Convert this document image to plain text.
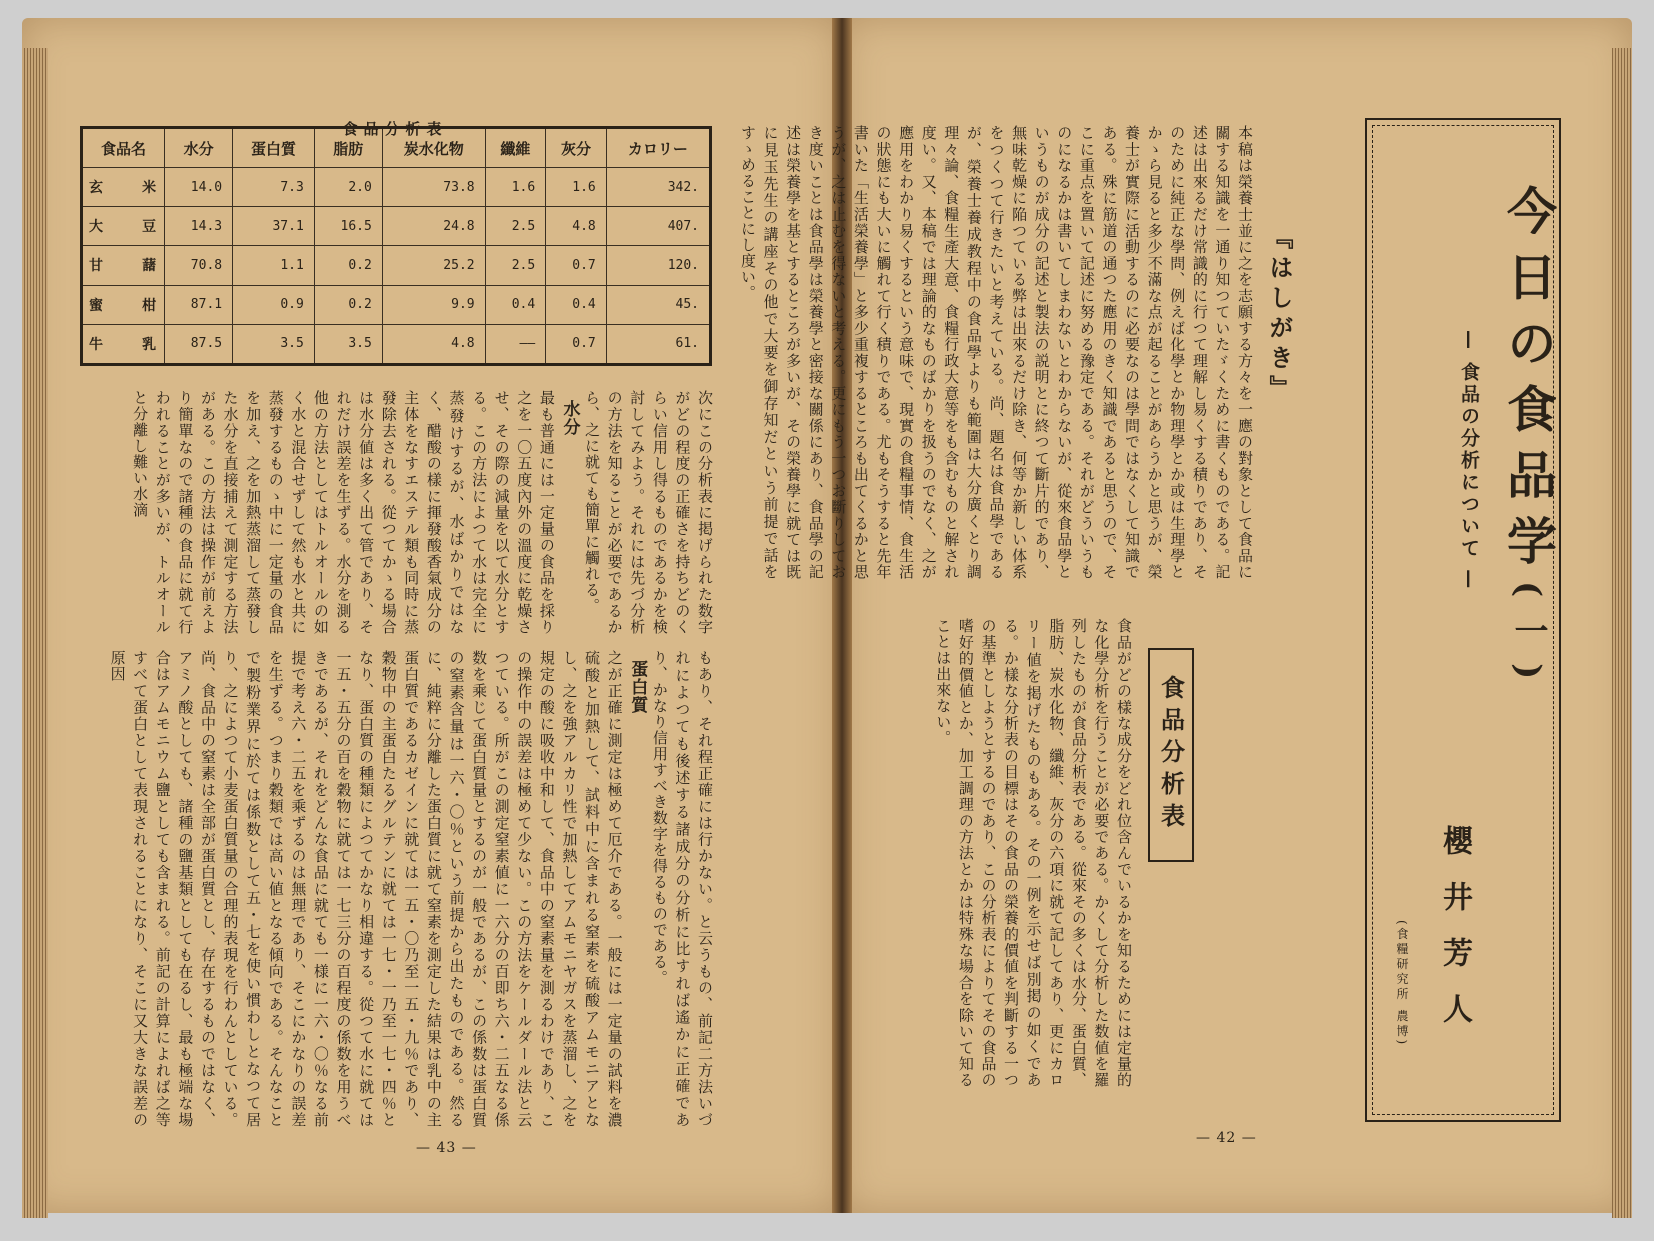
食品分析表
食品名	水分	蛋白質	脂肪	炭水化物	纖維	灰分	カロリー

玄 米	14.0	7.3	2.0	73.8	1.6	1.6	342.

大 豆	14.3	37.1	16.5	24.8	2.5	4.8	407.

甘 藷	70.8	1.1	0.2	25.2	2.5	0.7	120.

蜜 柑	87.1	0.9	0.2	9.9	0.4	0.4	45.

牛 乳	87.5	3.5	3.5	4.8	——	0.7	61.

次にこの分析表に掲げられた数字がどの程度の正確さを持ちどのくらい信用し得るものであるかを検討してみよう。それには先づ分析の方法を知ることが必要であるから、之に就ても簡單に觸れる。

水分

最も普通には一定量の食品を採り之を一〇五度內外の溫度に乾燥させ、その際の減量を以て水分とする。この方法によつて水は完全に蒸發けするが、水ばかりではなく、醋酸の樣に揮發酸香氣成分の主体をなすエステル類も同時に蒸發除去される。從つてかゝる場合は水分値は多く出て管であり、それだけ誤差を生ずる。水分を測る他の方法としてはトルオールの如く水と混合せずして然も水と共に蒸發するものゝ中に一定量の食品を加え、之を加熱蒸溜して蒸發した水分を直接捕えて測定する方法がある。この方法は操作が前えより簡單なので諸種の食品に就て行われることが多いが、トルオールと分離し難い水滴

もあり、それ程正確には行かない。と云うもの、前記二方法いづれによつても後述する諸成分の分析に比すれば遙かに正確であり、かなり信用すべき数字を得るものである。

蛋白質

之が正確に測定は極めて厄介である。一般には一定量の試料を濃硫酸と加熱して、試料中に含まれる窒素を硫酸アムモニアとなし、之を強アルカリ性で加熱してアムモニヤガスを蒸溜し、之を規定の酸に吸收中和して、食品中の窒素量を測るわけであり、この操作中の誤差は極めて少ない。この方法をケールダール法と云つている。所がこの測定窒素値に一六分の百即ち六・二五なる係数を乘じて蛋白質量とするのが一般であるが、この係数は蛋白質の窒素含量は一六・〇％という前提から出たものである。然るに、純粹に分離した蛋白質に就て窒素を測定した結果は乳中の主蛋白質であるカゼインに就ては一五・〇乃至一五・九％であり、穀物中の主蛋白たるグルテンに就ては一七・一乃至一七・四％となり、蛋白質の種類によつてかなり相違する。從つて水に就ては一五・五分の百を穀物に就ては一七三分の百程度の係数を用うべきであるが、それをどんな食品に就ても一様に一六・〇％なる前提で考え六・二五を乘ずるのは無理であり、そこにかなりの誤差を生ずる。つまり穀類では高い値となる傾向である。そんなことで製粉業界に於ては係数として五・七を使い慣わしとなつて居り、之によつて小麦蛋白質量の合理的表現を行わんとしている。尚、食品中の窒素は全部が蛋白質とし、存在するものではなく、アミノ酸としても、諸種の鹽基類としても在るし、最も極端な場合はアムモニウム鹽としても含まれる。前記の計算によれば之等すべて蛋白として表現されることになり、そこに又大きな誤差の原因

— 43 —
今日の食品学(一)
— 食品の分析について —
櫻井芳人
(食糧研究所 農博)
『はしがき』

本稿は榮養士並に之を志願する方々を一應の對象として食品に關する知識を一通り知つていたゞくために書くものである。記述は出來るだけ常識的に行つて理解し易くする積りであり、そのために純正な學問、例えば化學とか物理學とか或は生理學とかゝら見ると多少不滿な点が起ることがあらうかと思うが、榮養士が實際に活動するのに必要なのは學問ではなくして知識である。殊に筋道の通つた應用のきく知識であると思うので、そこに重点を置いて記述に努める豫定である。それがどういうものになるかは書いてしまわないとわからないが、從來食品學というものが成分の記述と製法の説明とに終つて斷片的であり、無味乾燥に陥つている弊は出來るだけ除き、何等か新しい体系をつくつて行きたいと考えている。尚、題名は食品學であるが、榮養士養成教程中の食品學よりも範圍は大分廣くとり調理々論、食糧生產大意、食糧行政大意等をも含むものと解され度い。又、本稿では理論的なものばかりを扱うのでなく、之が應用をわかり易くするという意味で、現實の食糧事情、食生活の狀態にも大いに觸れて行く積りである。尤もそうすると先年書いた「生活榮養學」と多少重複するところも出てくるかと思うが、之は止むを得ないと考える。更にもう一つお斷りしておき度いことは食品學は榮養學と密接な關係にあり、食品學の記述は榮養學を基とするところが多いが、その榮養學に就ては既に見玉先生の講座その他で大要を御存知だという前提で話をすゝめることにし度い。

食品分析表

食品がどの樣な成分をどれ位含んでいるかを知るためには定量的な化學分析を行うことが必要である。かくして分析した数値を羅列したものが食品分析表である。從來その多くは水分、蛋白質、脂肪、炭水化物、纖維、灰分の六項に就て記してあり、更にカロリー値を掲げたものもある。その一例を示せば別掲の如くである。か樣な分析表の目標はその食品の榮養的價値を判斷する一つの基準としようとするのであり、この分析表によりてその食品の嗜好的價値とか、加工調理の方法とかは特殊な場合を除いて知ることは出來ない。

— 42 —
